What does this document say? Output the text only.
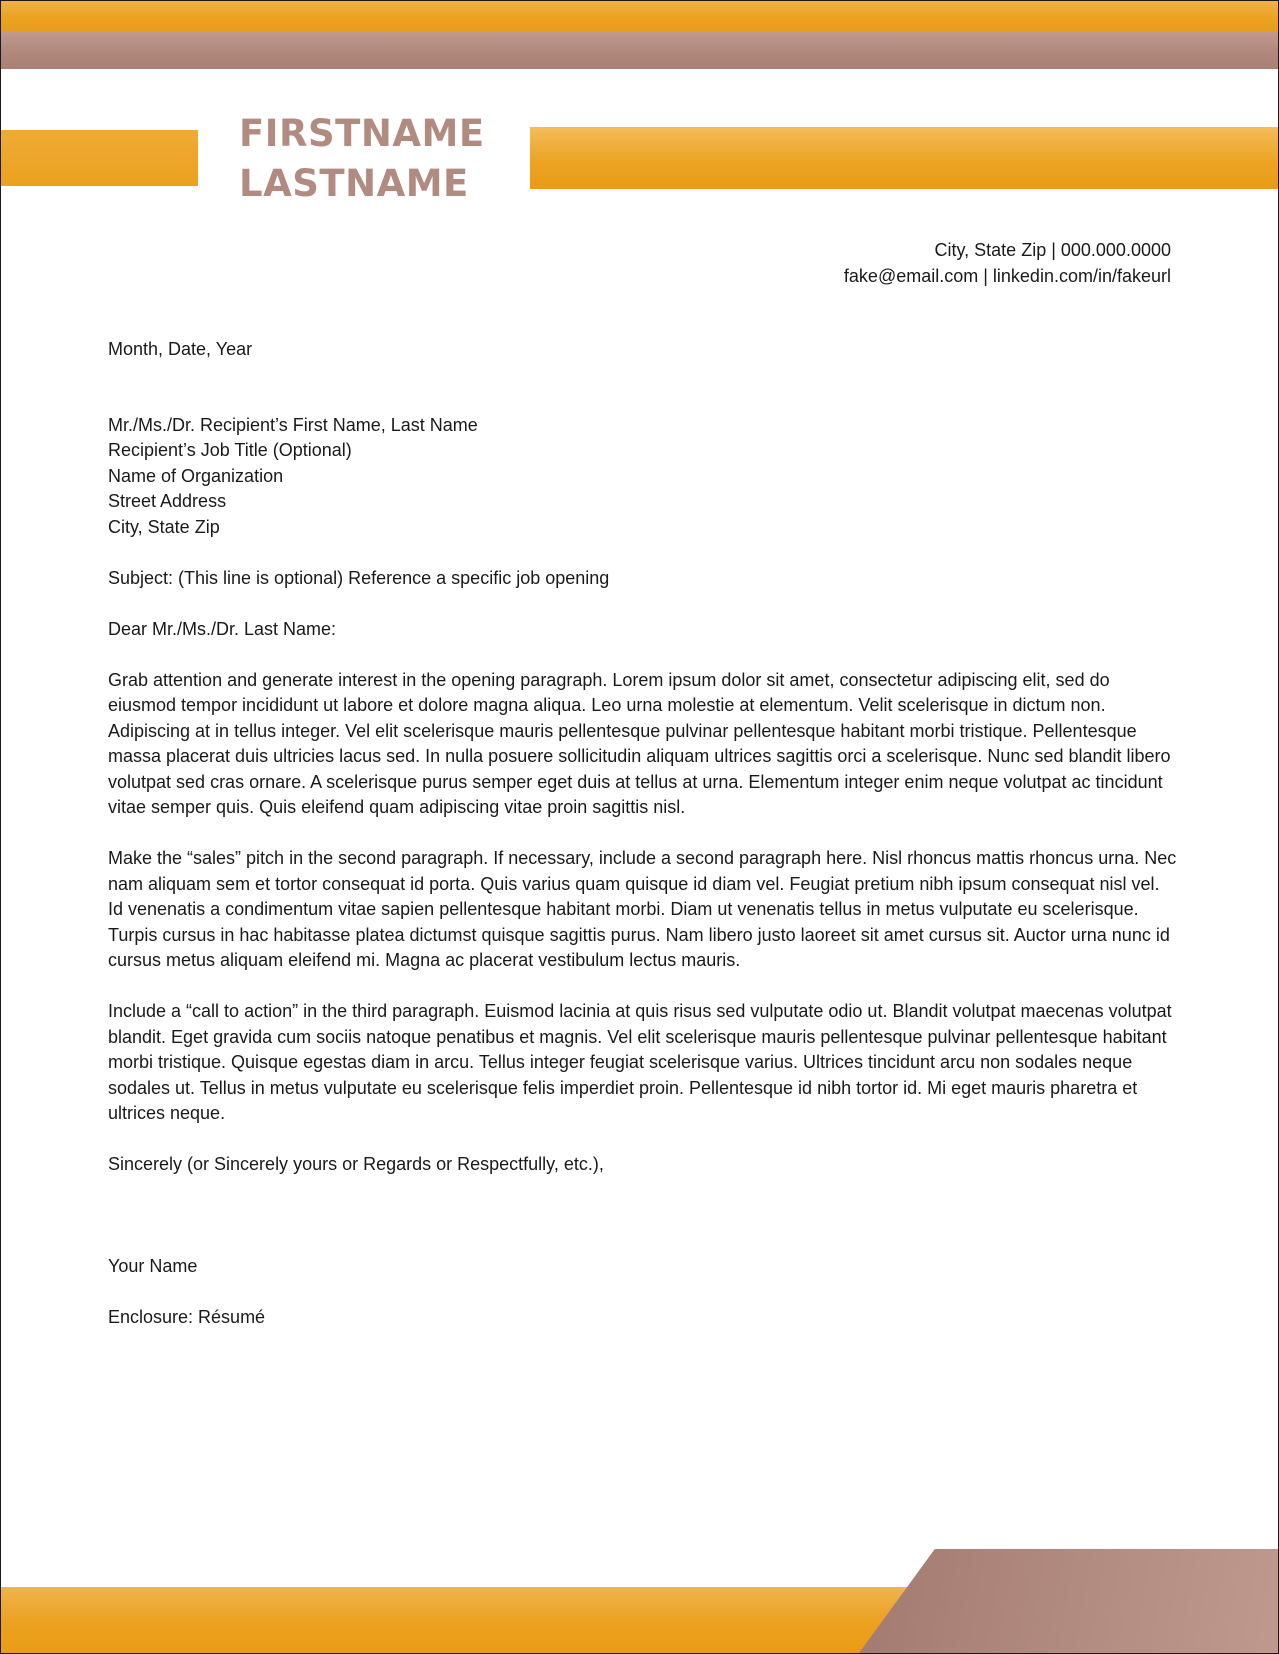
FIRSTNAME
LASTNAME
City, State Zip | 000.000.0000
fake@email.com | linkedin.com/in/fakeurl

Month, Date, Year

Mr./Ms./Dr. Recipient’s First Name, Last Name
Recipient’s Job Title (Optional)
Name of Organization
Street Address
City, State Zip

Subject: (This line is optional) Reference a specific job opening

Dear Mr./Ms./Dr. Last Name:

Grab attention and generate interest in the opening paragraph. Lorem ipsum dolor sit amet, consectetur adipiscing elit, sed do eiusmod tempor incididunt ut labore et dolore magna aliqua. Leo urna molestie at elementum. Velit scelerisque in dictum non. Adipiscing at in tellus integer. Vel elit scelerisque mauris pellentesque pulvinar pellentesque habitant morbi tristique. Pellentesque massa placerat duis ultricies lacus sed. In nulla posuere sollicitudin aliquam ultrices sagittis orci a scelerisque. Nunc sed blandit libero volutpat sed cras ornare. A scelerisque purus semper eget duis at tellus at urna. Elementum integer enim neque volutpat ac tincidunt vitae semper quis. Quis eleifend quam adipiscing vitae proin sagittis nisl.

Make the “sales” pitch in the second paragraph. If necessary, include a second paragraph here. Nisl rhoncus mattis rhoncus urna. Nec nam aliquam sem et tortor consequat id porta. Quis varius quam quisque id diam vel. Feugiat pretium nibh ipsum consequat nisl vel. Id venenatis a condimentum vitae sapien pellentesque habitant morbi. Diam ut venenatis tellus in metus vulputate eu scelerisque. Turpis cursus in hac habitasse platea dictumst quisque sagittis purus. Nam libero justo laoreet sit amet cursus sit. Auctor urna nunc id cursus metus aliquam eleifend mi. Magna ac placerat vestibulum lectus mauris.

Include a “call to action” in the third paragraph. Euismod lacinia at quis risus sed vulputate odio ut. Blandit volutpat maecenas volutpat blandit. Eget gravida cum sociis natoque penatibus et magnis. Vel elit scelerisque mauris pellentesque pulvinar pellentesque habitant morbi tristique. Quisque egestas diam in arcu. Tellus integer feugiat scelerisque varius. Ultrices tincidunt arcu non sodales neque sodales ut. Tellus in metus vulputate eu scelerisque felis imperdiet proin. Pellentesque id nibh tortor id. Mi eget mauris pharetra et ultrices neque.

Sincerely (or Sincerely yours or Regards or Respectfully, etc.),

Your Name

Enclosure: Résumé
